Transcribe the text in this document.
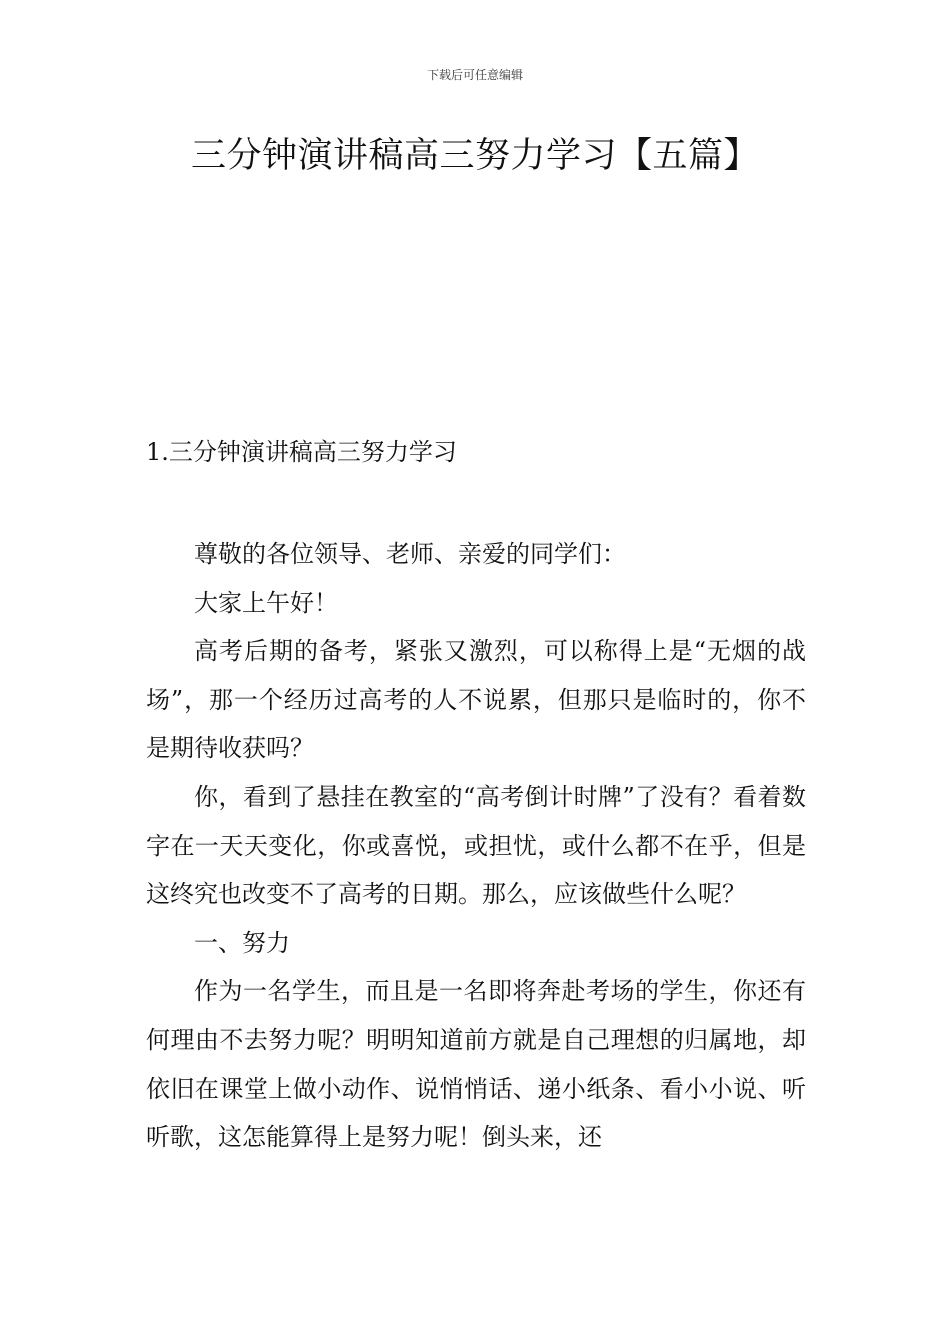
下载后可任意编辑
三分钟演讲稿高三努力学习【五篇】
1.三分钟演讲稿高三努力学习

尊敬的各位领导、老师、亲爱的同学们：

大家上午好！

高考后期的备考，紧张又激烈，可以称得上是“无烟的战场”，那一个经历过高考的人不说累，但那只是临时的，你不是期待收获吗？

你，看到了悬挂在教室的“高考倒计时牌”了没有？看着数字在一天天变化，你或喜悦，或担忧，或什么都不在乎，但是这终究也改变不了高考的日期。那么，应该做些什么呢？

一、努力

作为一名学生，而且是一名即将奔赴考场的学生，你还有何理由不去努力呢？明明知道前方就是自己理想的归属地，却依旧在课堂上做小动作、说悄悄话、递小纸条、看小小说、听听歌，这怎能算得上是努力呢！倒头来，还
